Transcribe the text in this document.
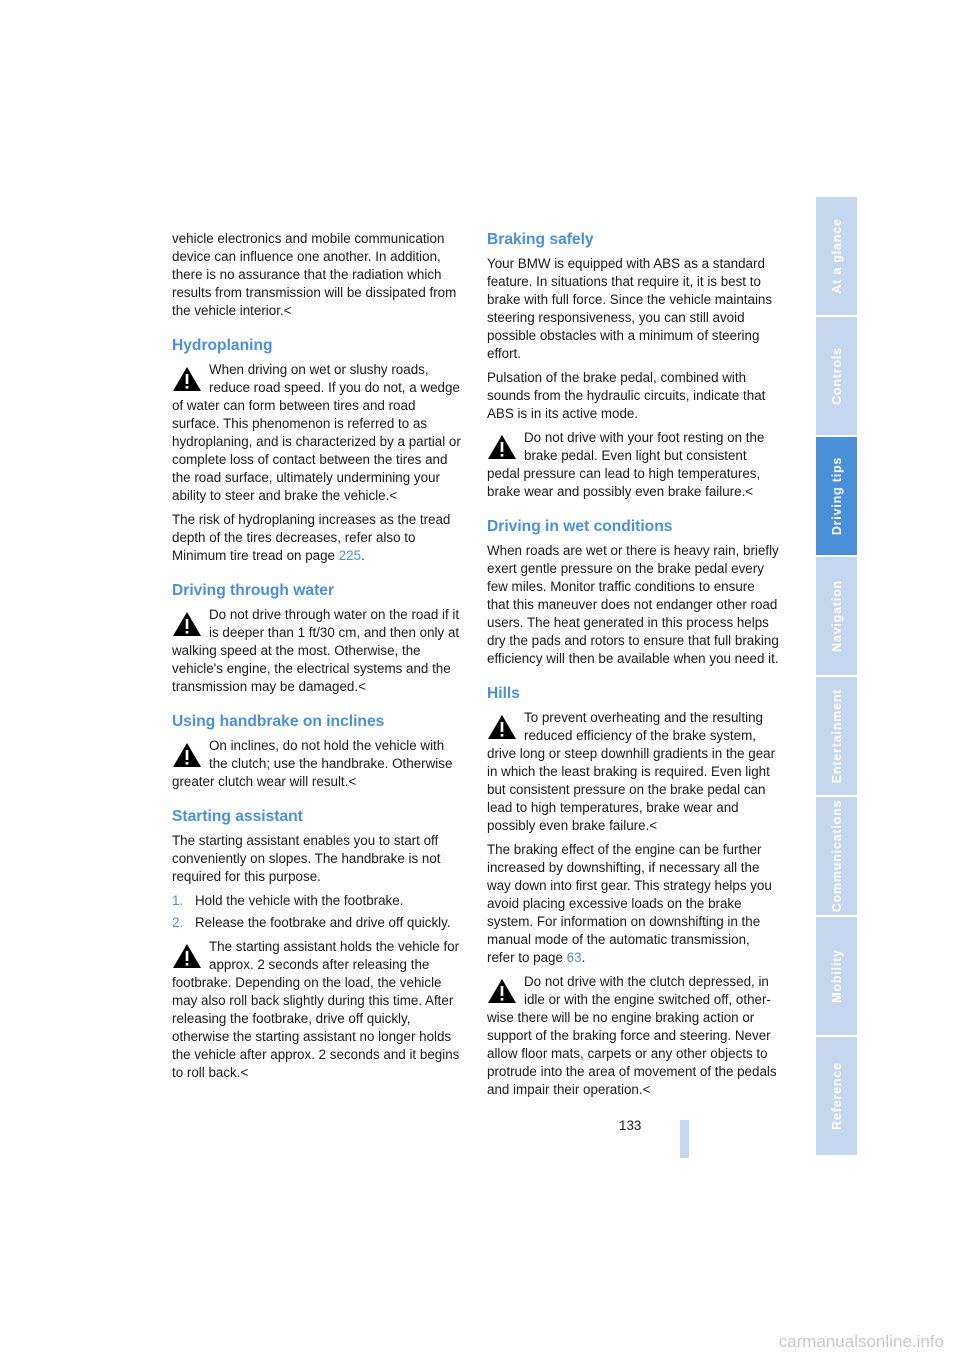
vehicle electronics and mobile communication device can influence one another. In addition, there is no assurance that the radiation which results from transmission will be dissipated from the vehicle interior.<

Hydroplaning
When driving on wet or slushy roads, reduce road speed. If you do not, a wedge
of water can form between tires and road surface. This phenomenon is referred to as hydroplaning, and is characterized by a partial or complete loss of contact between the tires and the road surface, ultimately undermining your ability to steer and brake the vehicle.<

The risk of hydroplaning increases as the tread depth of the tires decreases, refer also to Minimum tire tread on page 225.

Driving through water
Do not drive through water on the road if it is deeper than 1 ft/30 cm, and then only at
walking speed at the most. Otherwise, the vehicle's engine, the electrical systems and the transmission may be damaged.<
Using handbrake on inclines
On inclines, do not hold the vehicle with the clutch; use the handbrake. Otherwise
greater clutch wear will result.<
Starting assistant

The starting assistant enables you to start off conveniently on slopes. The handbrake is not required for this purpose.

1. Hold the vehicle with the footbrake.
2. Release the footbrake and drive off quickly.
The starting assistant holds the vehicle for approx. 2 seconds after releasing the
footbrake. Depending on the load, the vehicle may also roll back slightly during this time. After releasing the footbrake, drive off quickly, otherwise the starting assistant no longer holds the vehicle after approx. 2 seconds and it begins to roll back.<
Braking safely

Your BMW is equipped with ABS as a standard feature. In situations that require it, it is best to brake with full force. Since the vehicle maintains steering responsiveness, you can still avoid possible obstacles with a minimum of steering effort.

Pulsation of the brake pedal, combined with sounds from the hydraulic circuits, indicate that ABS is in its active mode.

Do not drive with your foot resting on the brake pedal. Even light but consistent
pedal pressure can lead to high temperatures, brake wear and possibly even brake failure.<
Driving in wet conditions

When roads are wet or there is heavy rain, briefly exert gentle pressure on the brake pedal every few miles. Monitor traffic conditions to ensure that this maneuver does not endanger other road users. The heat generated in this process helps dry the pads and rotors to ensure that full braking efficiency will then be available when you need it.

Hills
To prevent overheating and the resulting reduced efficiency of the brake system,
drive long or steep downhill gradients in the gear in which the least braking is required. Even light but consistent pressure on the brake pedal can lead to high temperatures, brake wear and possibly even brake failure.<

The braking effect of the engine can be further increased by downshifting, if necessary all the way down into first gear. This strategy helps you avoid placing excessive loads on the brake system. For information on downshifting in the manual mode of the automatic transmission, refer to page 63.

Do not drive with the clutch depressed, in idle or with the engine switched off, other-
wise there will be no engine braking action or support of the braking force and steering. Never allow floor mats, carpets or any other objects to protrude into the area of movement of the pedals and impair their operation.<
At a glance
Controls
Driving tips
Navigation
Entertainment
Communications
Mobility
Reference
133
carmanualsonline.info
